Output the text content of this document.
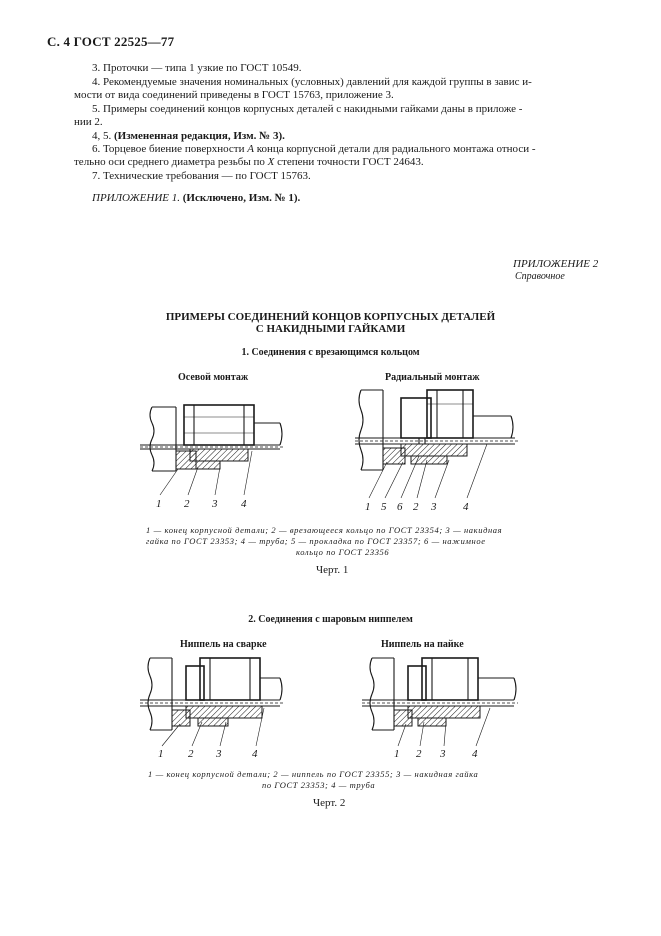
С. 4 ГОСТ 22525—77
3. Проточки — типа 1 узкие по ГОСТ 10549.
4. Рекомендуемые значения номинальных (условных) давлений для каждой группы в завис и-
мости от вида соединений приведены в ГОСТ 15763, приложение 3.
5. Примеры соединений концов корпусных деталей с накидными гайками даны в приложе -
нии 2.
4, 5. (Измененная редакция, Изм. № 3).
6. Торцевое биение поверхности А конца корпусной детали для радиального монтажа относи -
тельно оси среднего диаметра резьбы по X степени точности ГОСТ 24643.
7. Технические требования — по ГОСТ 15763.
ПРИЛОЖЕНИЕ 1. (Исключено, Изм. № 1).
ПРИЛОЖЕНИЕ 2
Справочное
ПРИМЕРЫ СОЕДИНЕНИЙ КОНЦОВ КОРПУСНЫХ ДЕТАЛЕЙ
С НАКИДНЫМИ ГАЙКАМИ
1. Соединения с врезающимся кольцом
Осевой монтаж	Радиальный монтаж
1 2 3 4	1 5 6 2 3 4
1 — конец корпусной детали; 2 — врезающееся кольцо по ГОСТ 23354; 3 — накидная
гайка по ГОСТ 23353; 4 — труба; 5 — прокладка по ГОСТ 23357; 6 — нажимное
кольцо по ГОСТ 23356
Черт. 1
2. Соединения с шаровым ниппелем
Ниппель на сварке	Ниппель на пайке
1 2 3	4	1 2 3 4
1 — конец корпусной детали; 2 — ниппель по ГОСТ 23355; 3 — накидная гайка
по ГОСТ 23353; 4 — труба
Черт. 2
